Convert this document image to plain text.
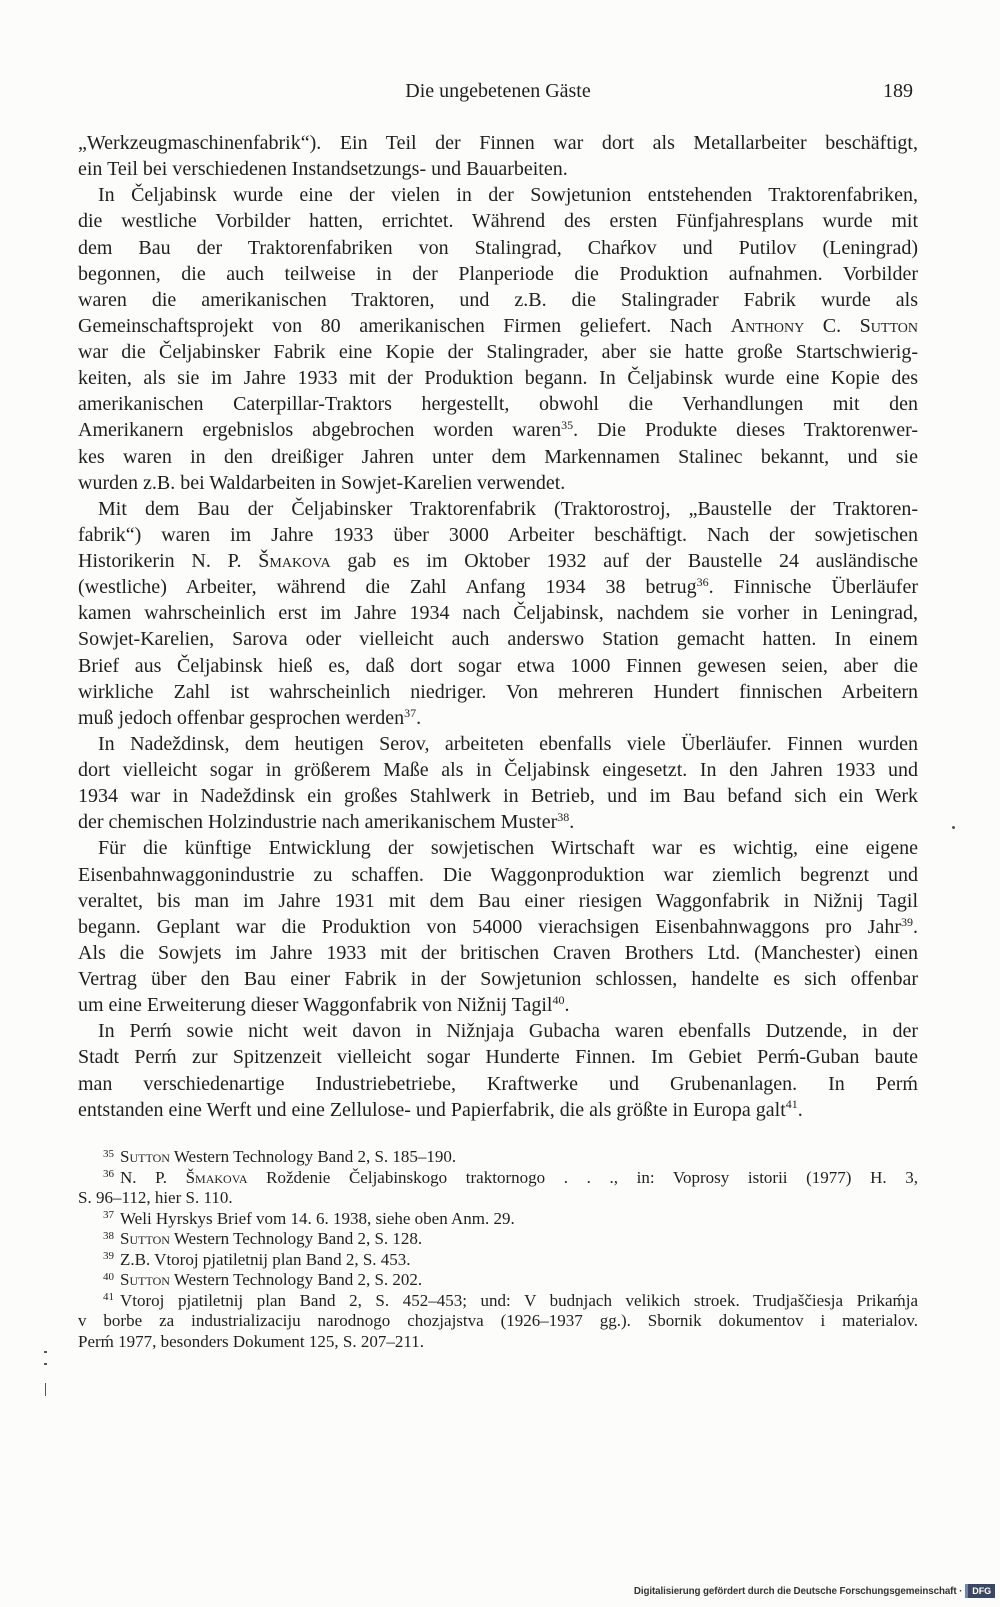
Die ungebetenen Gäste	189
„Werkzeugmaschinenfabrik“). Ein Teil der Finnen war dort als Metallarbeiter beschäftigt,
ein Teil bei verschiedenen Instandsetzungs- und Bauarbeiten.
In Čeljabinsk wurde eine der vielen in der Sowjetunion entstehenden Traktorenfabriken,
die westliche Vorbilder hatten, errichtet. Während des ersten Fünfjahresplans wurde mit
dem Bau der Traktorenfabriken von Stalingrad, Chaŕkov und Putilov (Leningrad)
begonnen, die auch teilweise in der Planperiode die Produktion aufnahmen. Vorbilder
waren die amerikanischen Traktoren, und z.B. die Stalingrader Fabrik wurde als
Gemeinschaftsprojekt von 80 amerikanischen Firmen geliefert. Nach Anthony C. Sutton
war die Čeljabinsker Fabrik eine Kopie der Stalingrader, aber sie hatte große Startschwierig-
keiten, als sie im Jahre 1933 mit der Produktion begann. In Čeljabinsk wurde eine Kopie des
amerikanischen Caterpillar-Traktors hergestellt, obwohl die Verhandlungen mit den
Amerikanern ergebnislos abgebrochen worden waren$^{35}$. Die Produkte dieses Traktorenwer-
kes waren in den dreißiger Jahren unter dem Markennamen Stalinec bekannt, und sie
wurden z.B. bei Waldarbeiten in Sowjet-Karelien verwendet.
Mit dem Bau der Čeljabinsker Traktorenfabrik (Traktorostroj, „Baustelle der Traktoren-
fabrik“) waren im Jahre 1933 über 3000 Arbeiter beschäftigt. Nach der sowjetischen
Historikerin N. P. Šmakova gab es im Oktober 1932 auf der Baustelle 24 ausländische
(westliche) Arbeiter, während die Zahl Anfang 1934 38 betrug$^{36}$. Finnische Überläufer
kamen wahrscheinlich erst im Jahre 1934 nach Čeljabinsk, nachdem sie vorher in Leningrad,
Sowjet-Karelien, Sarova oder vielleicht auch anderswo Station gemacht hatten. In einem
Brief aus Čeljabinsk hieß es, daß dort sogar etwa 1000 Finnen gewesen seien, aber die
wirkliche Zahl ist wahrscheinlich niedriger. Von mehreren Hundert finnischen Arbeitern
muß jedoch offenbar gesprochen werden$^{37}$.
In Nadeždinsk, dem heutigen Serov, arbeiteten ebenfalls viele Überläufer. Finnen wurden
dort vielleicht sogar in größerem Maße als in Čeljabinsk eingesetzt. In den Jahren 1933 und
1934 war in Nadeždinsk ein großes Stahlwerk in Betrieb, und im Bau befand sich ein Werk
der chemischen Holzindustrie nach amerikanischem Muster$^{38}$.
Für die künftige Entwicklung der sowjetischen Wirtschaft war es wichtig, eine eigene
Eisenbahnwaggonindustrie zu schaffen. Die Waggonproduktion war ziemlich begrenzt und
veraltet, bis man im Jahre 1931 mit dem Bau einer riesigen Waggonfabrik in Nižnij Tagil
begann. Geplant war die Produktion von 54000 vierachsigen Eisenbahnwaggons pro Jahr$^{39}$.
Als die Sowjets im Jahre 1933 mit der britischen Craven Brothers Ltd. (Manchester) einen
Vertrag über den Bau einer Fabrik in der Sowjetunion schlossen, handelte es sich offenbar
um eine Erweiterung dieser Waggonfabrik von Nižnij Tagil$^{40}$.
In Perḿ sowie nicht weit davon in Nižnjaja Gubacha waren ebenfalls Dutzende, in der
Stadt Perḿ zur Spitzenzeit vielleicht sogar Hunderte Finnen. Im Gebiet Perḿ-Guban baute
man verschiedenartige Industriebetriebe, Kraftwerke und Grubenanlagen. In Perḿ
entstanden eine Werft und eine Zellulose- und Papierfabrik, die als größte in Europa galt$^{41}$.
$^{35}$ Sutton Western Technology Band 2, S. 185–190.
$^{36}$ N. P. Šmakova Roždenie Čeljabinskogo traktornogo . . ., in: Voprosy istorii (1977) H. 3,
S. 96–112, hier S. 110.
$^{37}$ Weli Hyrskys Brief vom 14. 6. 1938, siehe oben Anm. 29.
$^{38}$ Sutton Western Technology Band 2, S. 128.
$^{39}$ Z.B. Vtoroj pjatiletnij plan Band 2, S. 453.
$^{40}$ Sutton Western Technology Band 2, S. 202.
$^{41}$ Vtoroj pjatiletnij plan Band 2, S. 452–453; und: V budnjach velikich stroek. Trudjaščiesja Prikaḿja
v borbe za industrializaciju narodnogo chozjajstva (1926–1937 gg.). Sbornik dokumentov i materialov.
Perḿ 1977, besonders Dokument 125, S. 207–211.
Digitalisierung gefördert durch die Deutsche Forschungsgemeinschaft ·	DFG
